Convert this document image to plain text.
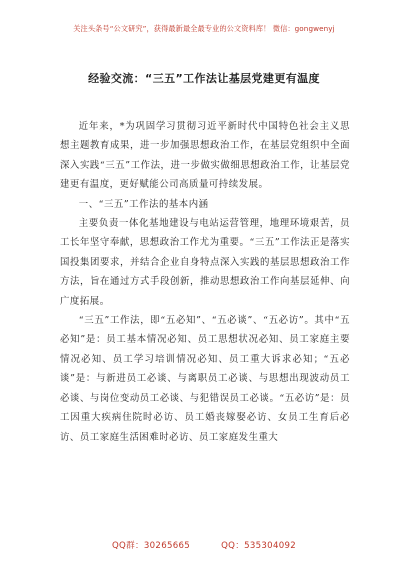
关注头条号“公文研究”，获得最新最全最专业的公文资料库！ 微信：gongwenyj
经验交流：“三五”工作法让基层党建更有温度

近年来，*为巩固学习贯彻习近平新时代中国特色社会主义思想主题教育成果，进一步加强思想政治工作，在基层党组织中全面深入实践“三五”工作法，进一步做实做细思想政治工作，让基层党建更有温度，更好赋能公司高质量可持续发展。

一、“三五”工作法的基本内涵

主要负责一体化基地建设与电站运营管理，地理环境艰苦，员工长年坚守奉献，思想政治工作尤为重要。“三五”工作法正是落实国投集团要求，并结合企业自身特点深入实践的基层思想政治工作方法，旨在通过方式手段创新，推动思想政治工作向基层延伸、向广度拓展。

“三五”工作法，即“五必知”、“五必谈”、“五必访”。其中“五必知”是：员工基本情况必知、员工思想状况必知、员工家庭主要情况必知、员工学习培训情况必知、员工重大诉求必知；“五必谈”是：与新进员工必谈、与离职员工必谈、与思想出现波动员工必谈、与岗位变动员工必谈、与犯错误员工必谈。“五必访”是：员工因重大疾病住院时必访、员工婚丧嫁娶必访、女员工生育后必访、员工家庭生活困难时必访、员工家庭发生重大

QQ群：30265665	QQ：535304092
